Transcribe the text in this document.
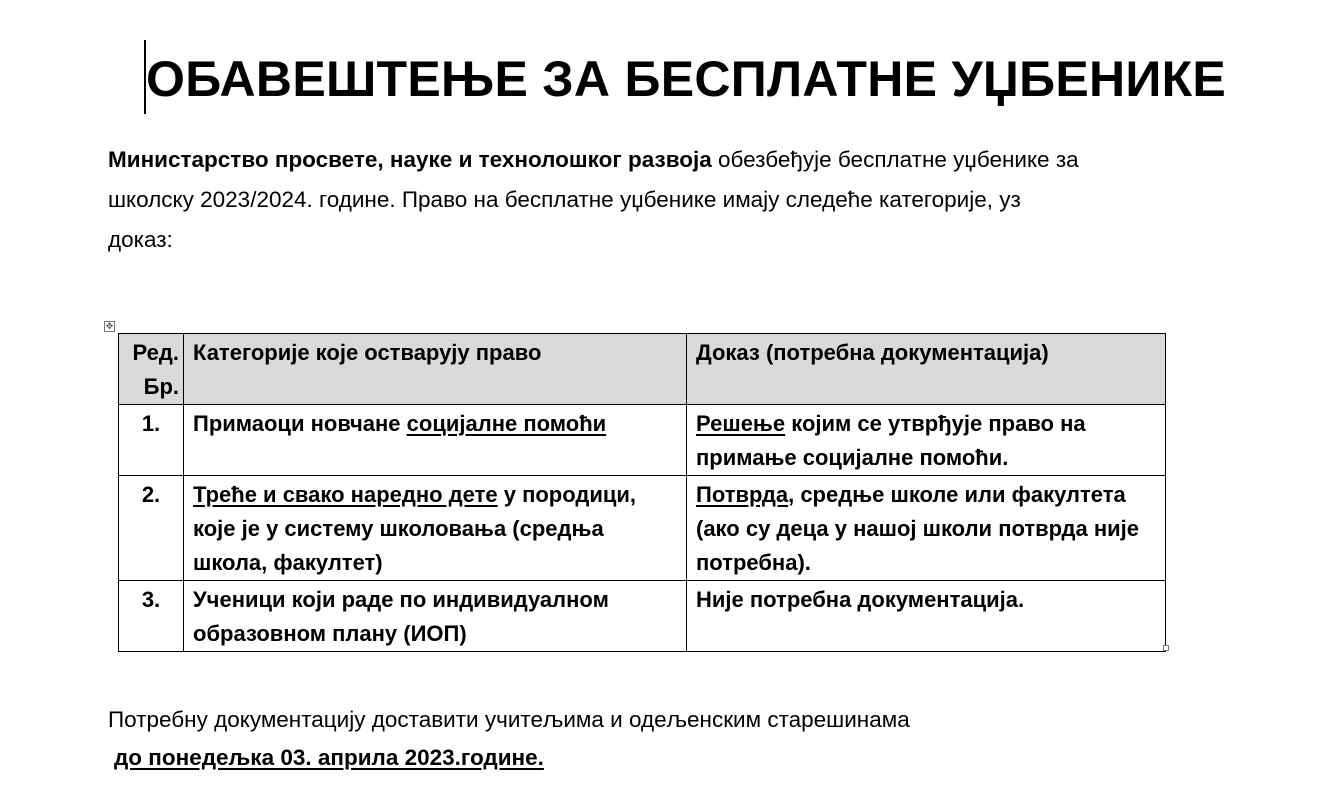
ОБАВЕШТЕЊЕ ЗА БЕСПЛАТНЕ УЏБЕНИКЕ

Министарство просвете, науке и технолошког развоја обезбеђује бесплатне уџбенике за
школску 2023/2024. године. Право на бесплатне уџбенике имају следеће категорије, уз
доказ:

✥
Ред.
Бр.	Категорије које остварују право	Доказ (потребна документација)
1.	Примаоци новчане социјалне помоћи	Решење којим се утврђује право на примање социјалне помоћи.
2.	Треће и свако наредно дете у породици, које је у систему школовања (средња школа, факултет)	Потврда, средње школе или факултета (ако су деца у нашој школи потврда није потребна).
3.	Ученици који раде по индивидуалном образовном плану (ИОП)	Није потребна документација.

Потребну документацију доставити учитељима и одељенским старешинама
до понедељка 03. априла 2023.године.
